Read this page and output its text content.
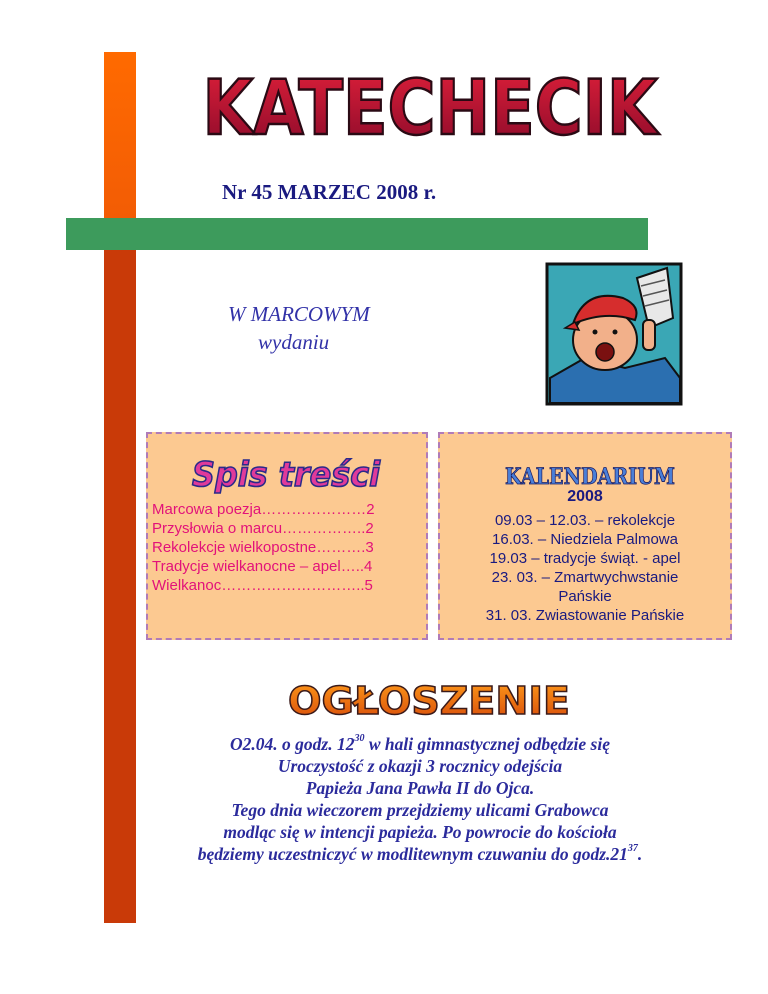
KATECHECIK
Nr 45 MARZEC 2008 r.
W MARCOWYM
wydaniu
Spis treści
Marcowa poezja…………………2
Przysłowia o marcu……………..2
Rekolekcje wielkopostne……….3
Tradycje wielkanocne – apel…..4
Wielkanoc………………………..5
KALENDARIUM
2008
09.03 – 12.03. – rekolekcje
16.03. – Niedziela Palmowa
19.03 – tradycje świąt. - apel
23. 03. – Zmartwychwstanie
Pańskie
31. 03. Zwiastowanie Pańskie
OGŁOSZENIE
O2.04. o godz. $12^{30}$ w hali gimnastycznej odbędzie się
Uroczystość z okazji 3 rocznicy odejścia
Papieża Jana Pawła II do Ojca.
Tego dnia wieczorem przejdziemy ulicami Grabowca
modląc się w intencji papieża. Po powrocie do kościoła
będziemy uczestniczyć w modlitewnym czuwaniu do $godz.21^{37}$.
